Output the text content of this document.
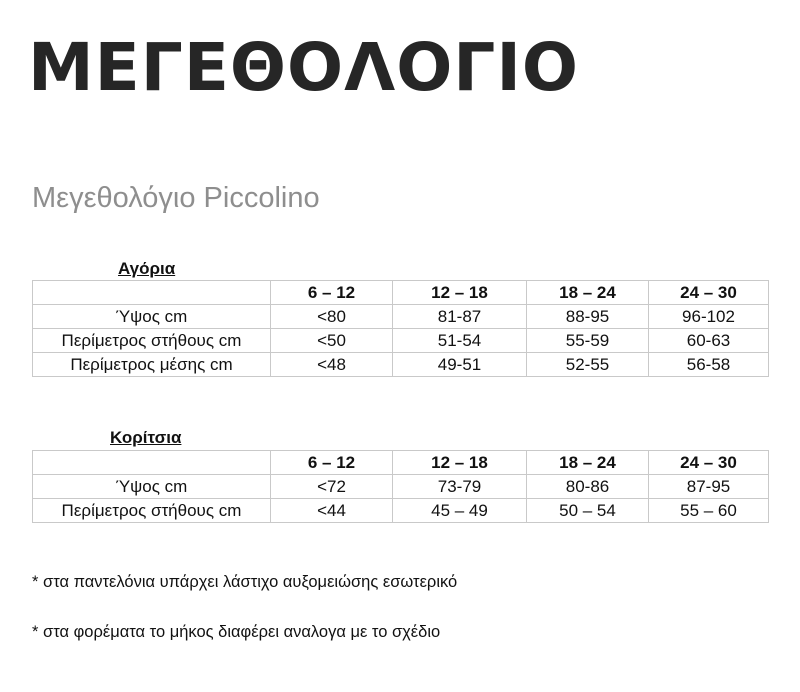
ΜΕΓΕΘΟΛΟΓΙΟ
Μεγεθολόγιο Piccolino
Αγόρια
	6 – 12	12 – 18	18 – 24	24 – 30
Ύψος cm	<80	81-87	88-95	96-102
Περίμετρος στήθους cm	<50	51-54	55-59	60-63
Περίμετρος μέσης cm	<48	49-51	52-55	56-58
Κορίτσια
	6 – 12	12 – 18	18 – 24	24 – 30
Ύψος cm	<72	73-79	80-86	87-95
Περίμετρος στήθους cm	<44	45 – 49	50 – 54	55 – 60
* στα παντελόνια υπάρχει λάστιχο αυξομειώσης εσωτερικό
* στα φορέματα το μήκος διαφέρει αναλογα με το σχέδιο
